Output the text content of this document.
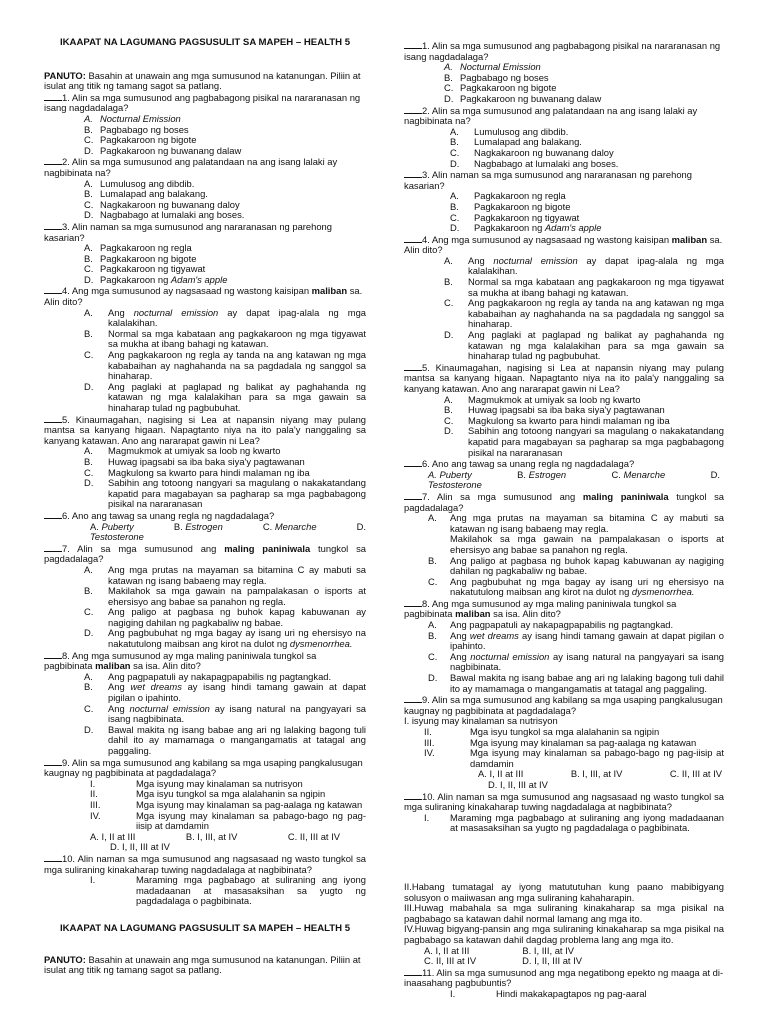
IKAAPAT NA LAGUMANG PAGSUSULIT SA MAPEH – HEALTH 5

PANUTO: Basahin at unawain ang mga sumusunod na katanungan. Piliin at isulat ang titik ng tamang sagot sa patlang.

1. Alin sa mga sumusunod ang pagbabagong pisikal na nararanasan ng isang nagdadalaga?

A. Nocturnal Emission
B. Pagbabago ng boses
C. Pagkakaroon ng bigote
D. Pagkakaroon ng buwanang dalaw

2. Alin sa mga sumusunod ang palatandaan na ang isang lalaki ay nagbibinata na?

A. Lumulusog ang dibdib.
B. Lumalapad ang balakang.
C. Nagkakaroon ng buwanang daloy
D. Nagbabago at lumalaki ang boses.

3. Alin naman sa mga sumusunod ang nararanasan ng parehong kasarian?

A. Pagkakaroon ng regla
B. Pagkakaroon ng bigote
C. Pagkakaroon ng tigyawat
D. Pagkakaroon ng Adam's apple

4. Ang mga sumusunod ay nagsasaad ng wastong kaisipan maliban sa. Alin dito?

A.	Ang nocturnal emission ay dapat ipag-alala ng mga kalalakihan.
B.	Normal sa mga kabataan ang pagkakaroon ng mga tigyawat sa mukha at ibang bahagi ng katawan.
C.	Ang pagkakaroon ng regla ay tanda na ang katawan ng mga kababaihan ay naghahanda na sa pagdadala ng sanggol sa hinaharap.
D.	Ang paglaki at paglapad ng balikat ay paghahanda ng katawan ng mga kalalakihan para sa mga gawain sa hinaharap tulad ng pagbubuhat.

5. Kinaumagahan, nagising si Lea at napansin niyang may pulang mantsa sa kanyang higaan. Napagtanto niya na ito pala'y nanggaling sa kanyang katawan. Ano ang nararapat gawin ni Lea?

A.	Magmukmok at umiyak sa loob ng kwarto
B.	Huwag ipagsabi sa iba baka siya'y pagtawanan
C.	Magkulong sa kwarto para hindi malaman ng iba
D.	Sabihin ang totoong nangyari sa magulang o nakakatandang kapatid para magabayan sa pagharap sa mga pagbabagong pisikal na nararanasan

6. Ano ang tawag sa unang regla ng nagdadalaga?

A. Puberty	B. Estrogen	C. Menarche	D.
Testosterone

7. Alin sa mga sumusunod ang maling paniniwala tungkol sa pagdadalaga?

A.	Ang mga prutas na mayaman sa bitamina C ay mabuti sa katawan ng isang babaeng may regla.
B.	Makilahok sa mga gawain na pampalakasan o isports at ehersisyo ang babae sa panahon ng regla.
C.	Ang paligo at pagbasa ng buhok kapag kabuwanan ay nagiging dahilan ng pagkabaliw ng babae.
D.	Ang pagbubuhat ng mga bagay ay isang uri ng ehersisyo na nakatutulong maibsan ang kirot na dulot ng dysmenorrhea.

8. Ang mga sumusunod ay mga maling paniniwala tungkol sa pagbibinata maliban sa isa. Alin dito?

A.	Ang pagpapatuli ay nakapagpapabilis ng pagtangkad.
B.	Ang wet dreams ay isang hindi tamang gawain at dapat pigilan o ipahinto.
C.	Ang nocturnal emission ay isang natural na pangyayari sa isang nagbibinata.
D.	Bawal makita ng isang babae ang ari ng lalaking bagong tuli dahil ito ay mamamaga o mangangamatis at tatagal ang paggaling.

9. Alin sa mga sumusunod ang kabilang sa mga usaping pangkalusugan kaugnay ng pagbibinata at pagdadalaga?

I.	Mga isyung may kinalaman sa nutrisyon
II.	Mga isyu tungkol sa mga alalahanin sa ngipin
III.	Mga isyung may kinalaman sa pag-aalaga ng katawan
IV.	Mga isyung may kinalaman sa pabago-bago ng pag-iisip at damdamin
A. I, II at III	B. I, III, at IV	C. II, III at IV
D. I, II, III at IV

10. Alin naman sa mga sumusunod ang nagsasaad ng wasto tungkol sa mga suliraning kinakaharap tuwing nagdadalaga at nagbibinata?

I.	Maraming mga pagbabago at suliraning ang iyong madadaanan at masasaksihan sa yugto ng pagdadalaga o pagbibinata.
IKAAPAT NA LAGUMANG PAGSUSULIT SA MAPEH – HEALTH 5

PANUTO: Basahin at unawain ang mga sumusunod na katanungan. Piliin at isulat ang titik ng tamang sagot sa patlang.

1. Alin sa mga sumusunod ang pagbabagong pisikal na nararanasan ng isang nagdadalaga?

A. Nocturnal Emission
B. Pagbabago ng boses
C. Pagkakaroon ng bigote
D. Pagkakaroon ng buwanang dalaw

2. Alin sa mga sumusunod ang palatandaan na ang isang lalaki ay nagbibinata na?

A.	Lumulusog ang dibdib.
B.	Lumalapad ang balakang.
C.	Nagkakaroon ng buwanang daloy
D.	Nagbabago at lumalaki ang boses.

3. Alin naman sa mga sumusunod ang nararanasan ng parehong kasarian?

A.	Pagkakaroon ng regla
B.	Pagkakaroon ng bigote
C.	Pagkakaroon ng tigyawat
D.	Pagkakaroon ng Adam's apple

4. Ang mga sumusunod ay nagsasaad ng wastong kaisipan maliban sa. Alin dito?

A.	Ang nocturnal emission ay dapat ipag-alala ng mga kalalakihan.
B.	Normal sa mga kabataan ang pagkakaroon ng mga tigyawat sa mukha at ibang bahagi ng katawan.
C.	Ang pagkakaroon ng regla ay tanda na ang katawan ng mga kababaihan ay naghahanda na sa pagdadala ng sanggol sa hinaharap.
D.	Ang paglaki at paglapad ng balikat ay paghahanda ng katawan ng mga kalalakihan para sa mga gawain sa hinaharap tulad ng pagbubuhat.

5. Kinaumagahan, nagising si Lea at napansin niyang may pulang mantsa sa kanyang higaan. Napagtanto niya na ito pala'y nanggaling sa kanyang katawan. Ano ang nararapat gawin ni Lea?

A.	Magmukmok at umiyak sa loob ng kwarto
B.	Huwag ipagsabi sa iba baka siya'y pagtawanan
C.	Magkulong sa kwarto para hindi malaman ng iba
D.	Sabihin ang totoong nangyari sa magulang o nakakatandang kapatid para magabayan sa pagharap sa mga pagbabagong pisikal na nararanasan

6. Ano ang tawag sa unang regla ng nagdadalaga?

A. Puberty	B. Estrogen	C. Menarche	D.
Testosterone

7. Alin sa mga sumusunod ang maling paniniwala tungkol sa pagdadalaga?

A.	Ang mga prutas na mayaman sa bitamina C ay mabuti sa katawan ng isang babaeng may regla.
Makilahok sa mga gawain na pampalakasan o isports at ehersisyo ang babae sa panahon ng regla.
B.	Ang paligo at pagbasa ng buhok kapag kabuwanan ay nagiging dahilan ng pagkabaliw ng babae.
C.	Ang pagbubuhat ng mga bagay ay isang uri ng ehersisyo na nakatutulong maibsan ang kirot na dulot ng dysmenorrhea.

8. Ang mga sumusunod ay mga maling paniniwala tungkol sa pagbibinata maliban sa isa. Alin dito?

A.	Ang pagpapatuli ay nakapagpapabilis ng pagtangkad.
B.	Ang wet dreams ay isang hindi tamang gawain at dapat pigilan o ipahinto.
C.	Ang nocturnal emission ay isang natural na pangyayari sa isang nagbibinata.
D.	Bawal makita ng isang babae ang ari ng lalaking bagong tuli dahil ito ay mamamaga o mangangamatis at tatagal ang paggaling.

9. Alin sa mga sumusunod ang kabilang sa mga usaping pangkalusugan kaugnay ng pagbibinata at pagdadalaga?

I. isyung may kinalaman sa nutrisyon

II.	Mga isyu tungkol sa mga alalahanin sa ngipin
III.	Mga isyung may kinalaman sa pag-aalaga ng katawan
IV.	Mga isyung may kinalaman sa pabago-bago ng pag-iisip at damdamin
A. I, II at III	B. I, III, at IV	C. II, III at IV
D. I, II, III at IV

10. Alin naman sa mga sumusunod ang nagsasaad ng wasto tungkol sa mga suliraning kinakaharap tuwing nagdadalaga at nagbibinata?

I.	Maraming mga pagbabago at suliraning ang iyong madadaanan at masasaksihan sa yugto ng pagdadalaga o pagbibinata.

II.Habang tumatagal ay iyong matututuhan kung paano mabibigyang solusyon o maiiwasan ang mga suliraning kahaharapin.

III.Huwag mabahala sa mga suliraning kinakaharap sa mga pisikal na pagbabago sa katawan dahil normal lamang ang mga ito.

IV.Huwag bigyang-pansin ang mga suliraning kinakaharap sa mga pisikal na pagbabago sa katawan dahil dagdag problema lang ang mga ito.

A. I, II at III	B. I, III, at IV
C. II, III at IV	D. I, II, III at IV

11. Alin sa mga sumusunod ang mga negatibong epekto ng maaga at di-inaasahang pagbubuntis?

I.	Hindi makakapagtapos ng pag-aaral
